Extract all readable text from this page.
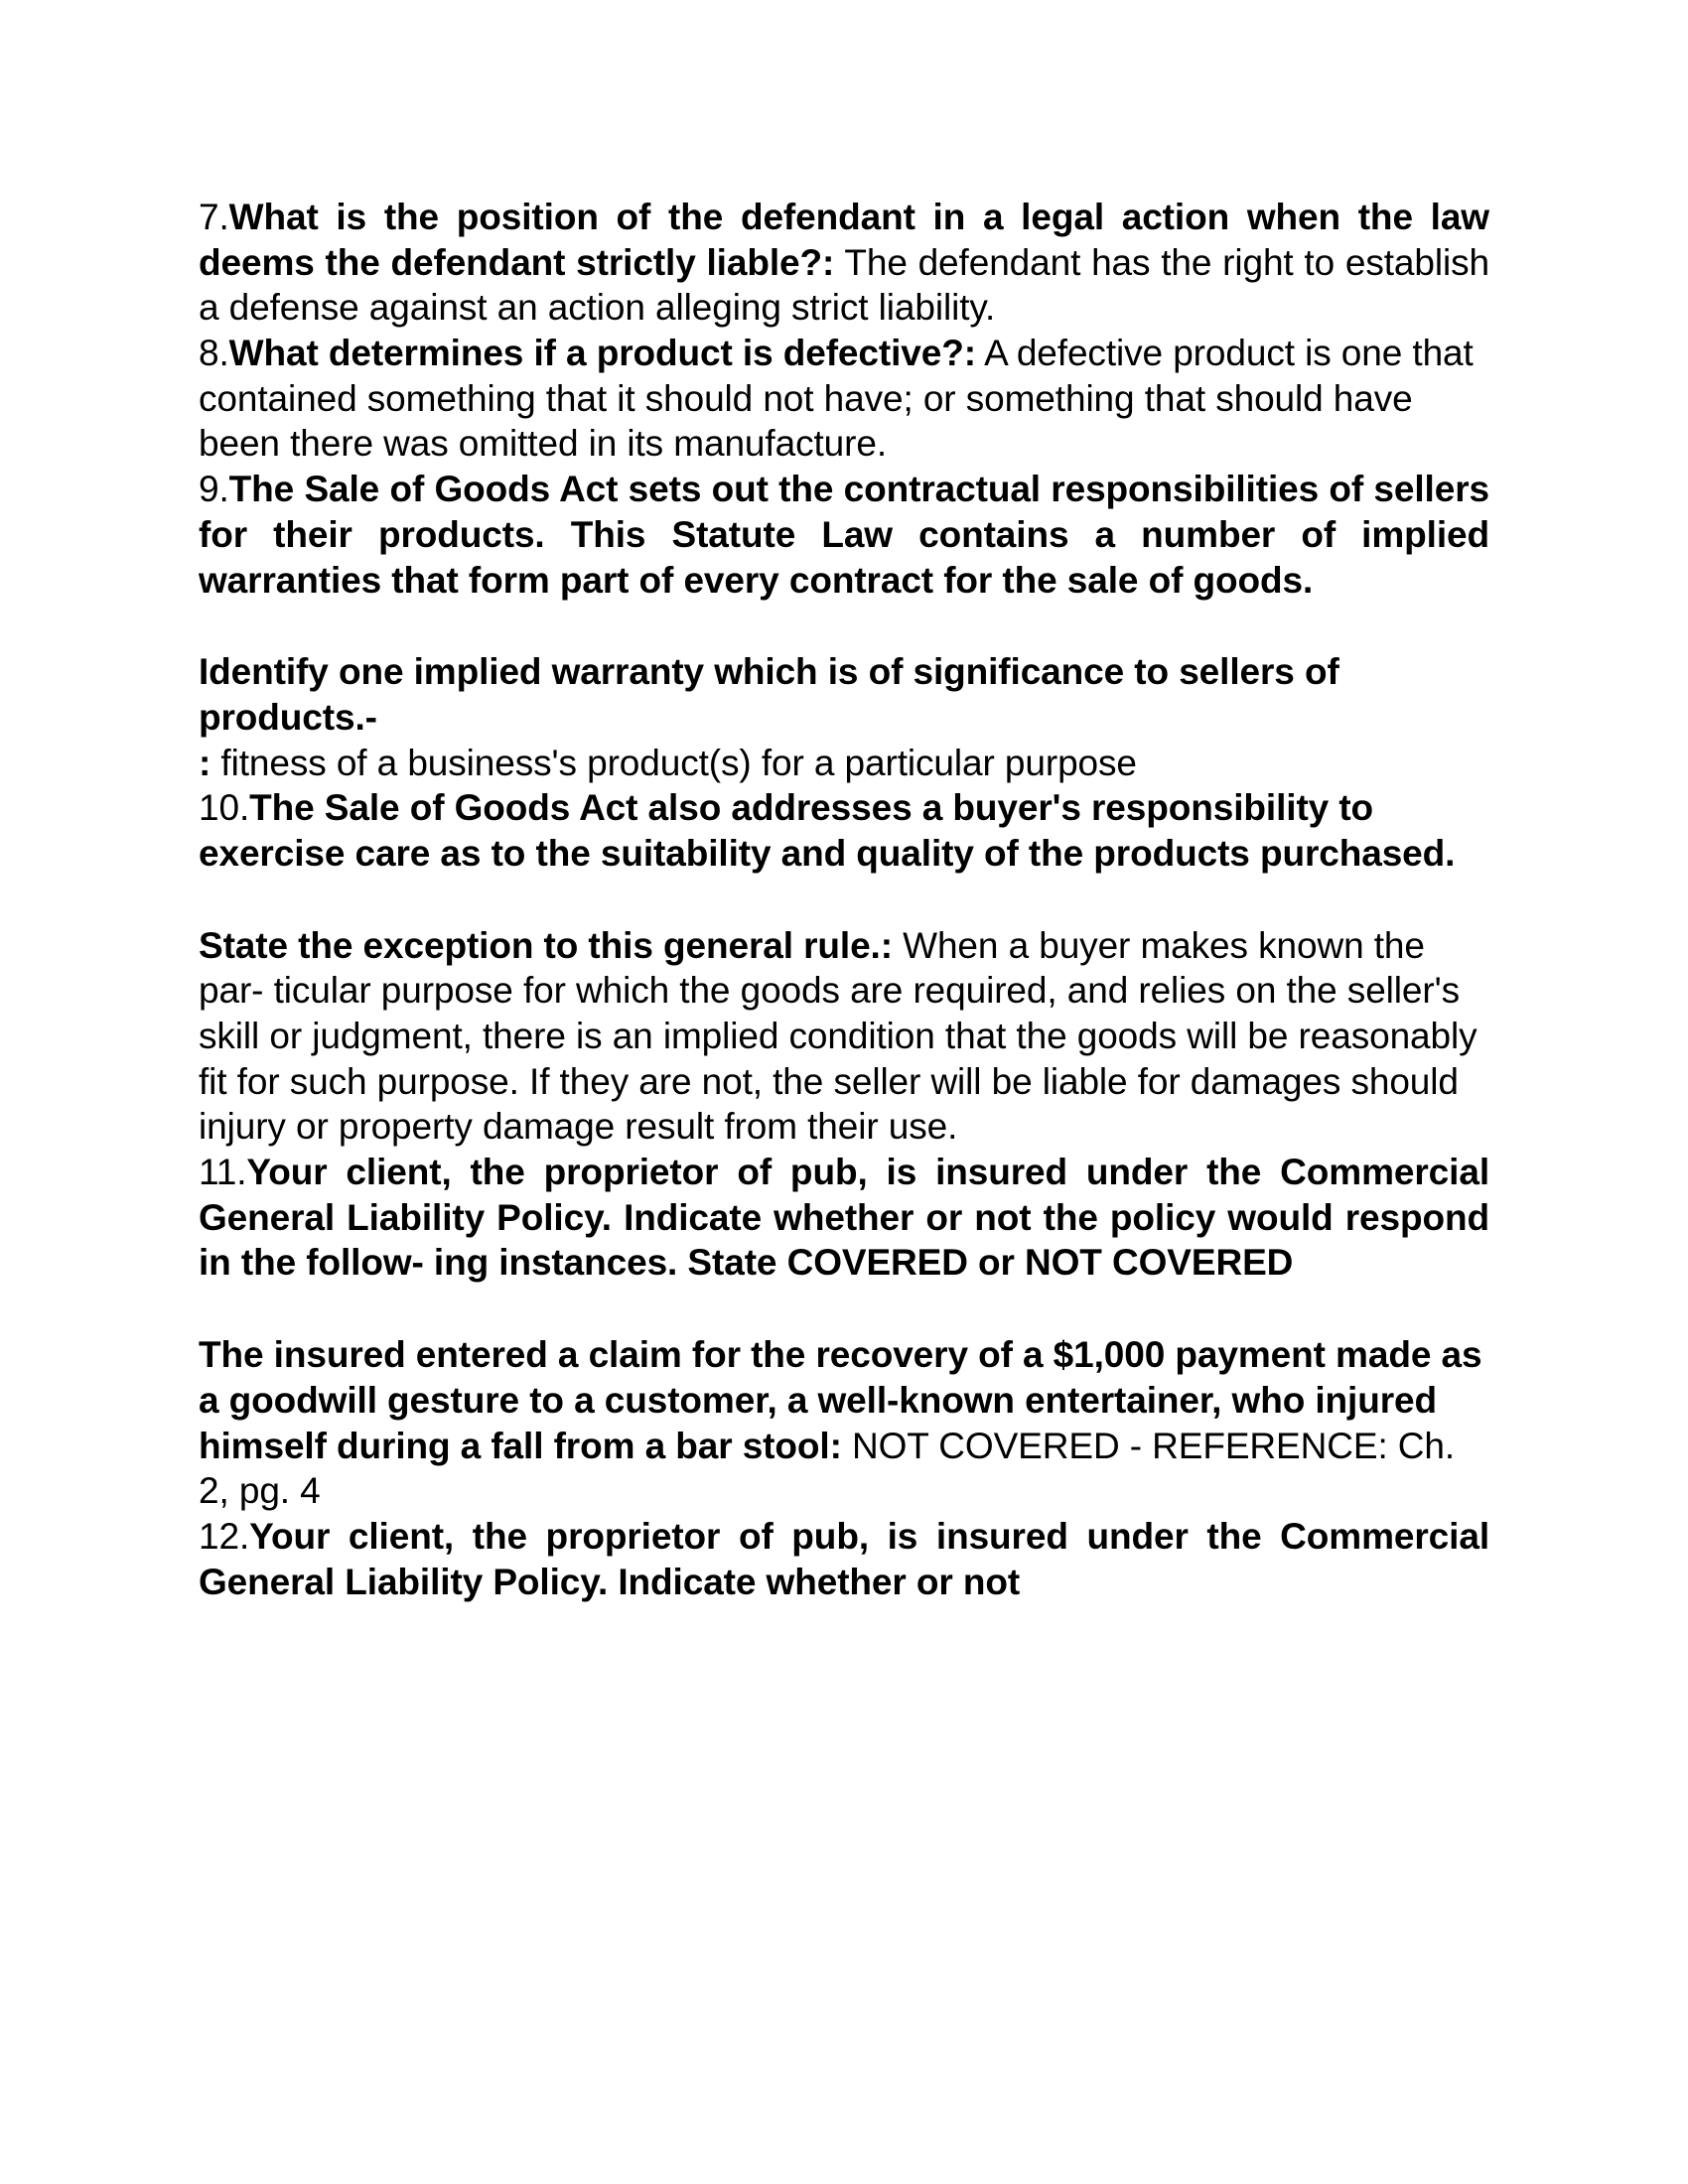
7.What is the position of the defendant in a legal action when the law deems the defendant strictly liable?: The defendant has the right to establish a defense against an action alleging strict liability.

8.What determines if a product is defective?: A defective product is one that contained something that it should not have; or something that should have been there was omitted in its manufacture.

9.The Sale of Goods Act sets out the contractual responsibilities of sellers for their products. This Statute Law contains a number of implied warranties that form part of every contract for the sale of goods.

Identify one implied warranty which is of significance to sellers of products.-

: fitness of a business's product(s) for a particular purpose

10.The Sale of Goods Act also addresses a buyer's responsibility to exercise care as to the suitability and quality of the products purchased.

State the exception to this general rule.: When a buyer makes known the par- ticular purpose for which the goods are required, and relies on the seller's skill or judgment, there is an implied condition that the goods will be reasonably fit for such purpose. If they are not, the seller will be liable for damages should injury or property damage result from their use.

11.Your client, the proprietor of pub, is insured under the Commercial General Liability Policy. Indicate whether or not the policy would respond in the follow- ing instances. State COVERED or NOT COVERED

The insured entered a claim for the recovery of a $1,000 payment made as a goodwill gesture to a customer, a well-known entertainer, who injured himself during a fall from a bar stool: NOT COVERED - REFERENCE: Ch. 2, pg. 4

12.Your client, the proprietor of pub, is insured under the Commercial General Liability Policy. Indicate whether or not
